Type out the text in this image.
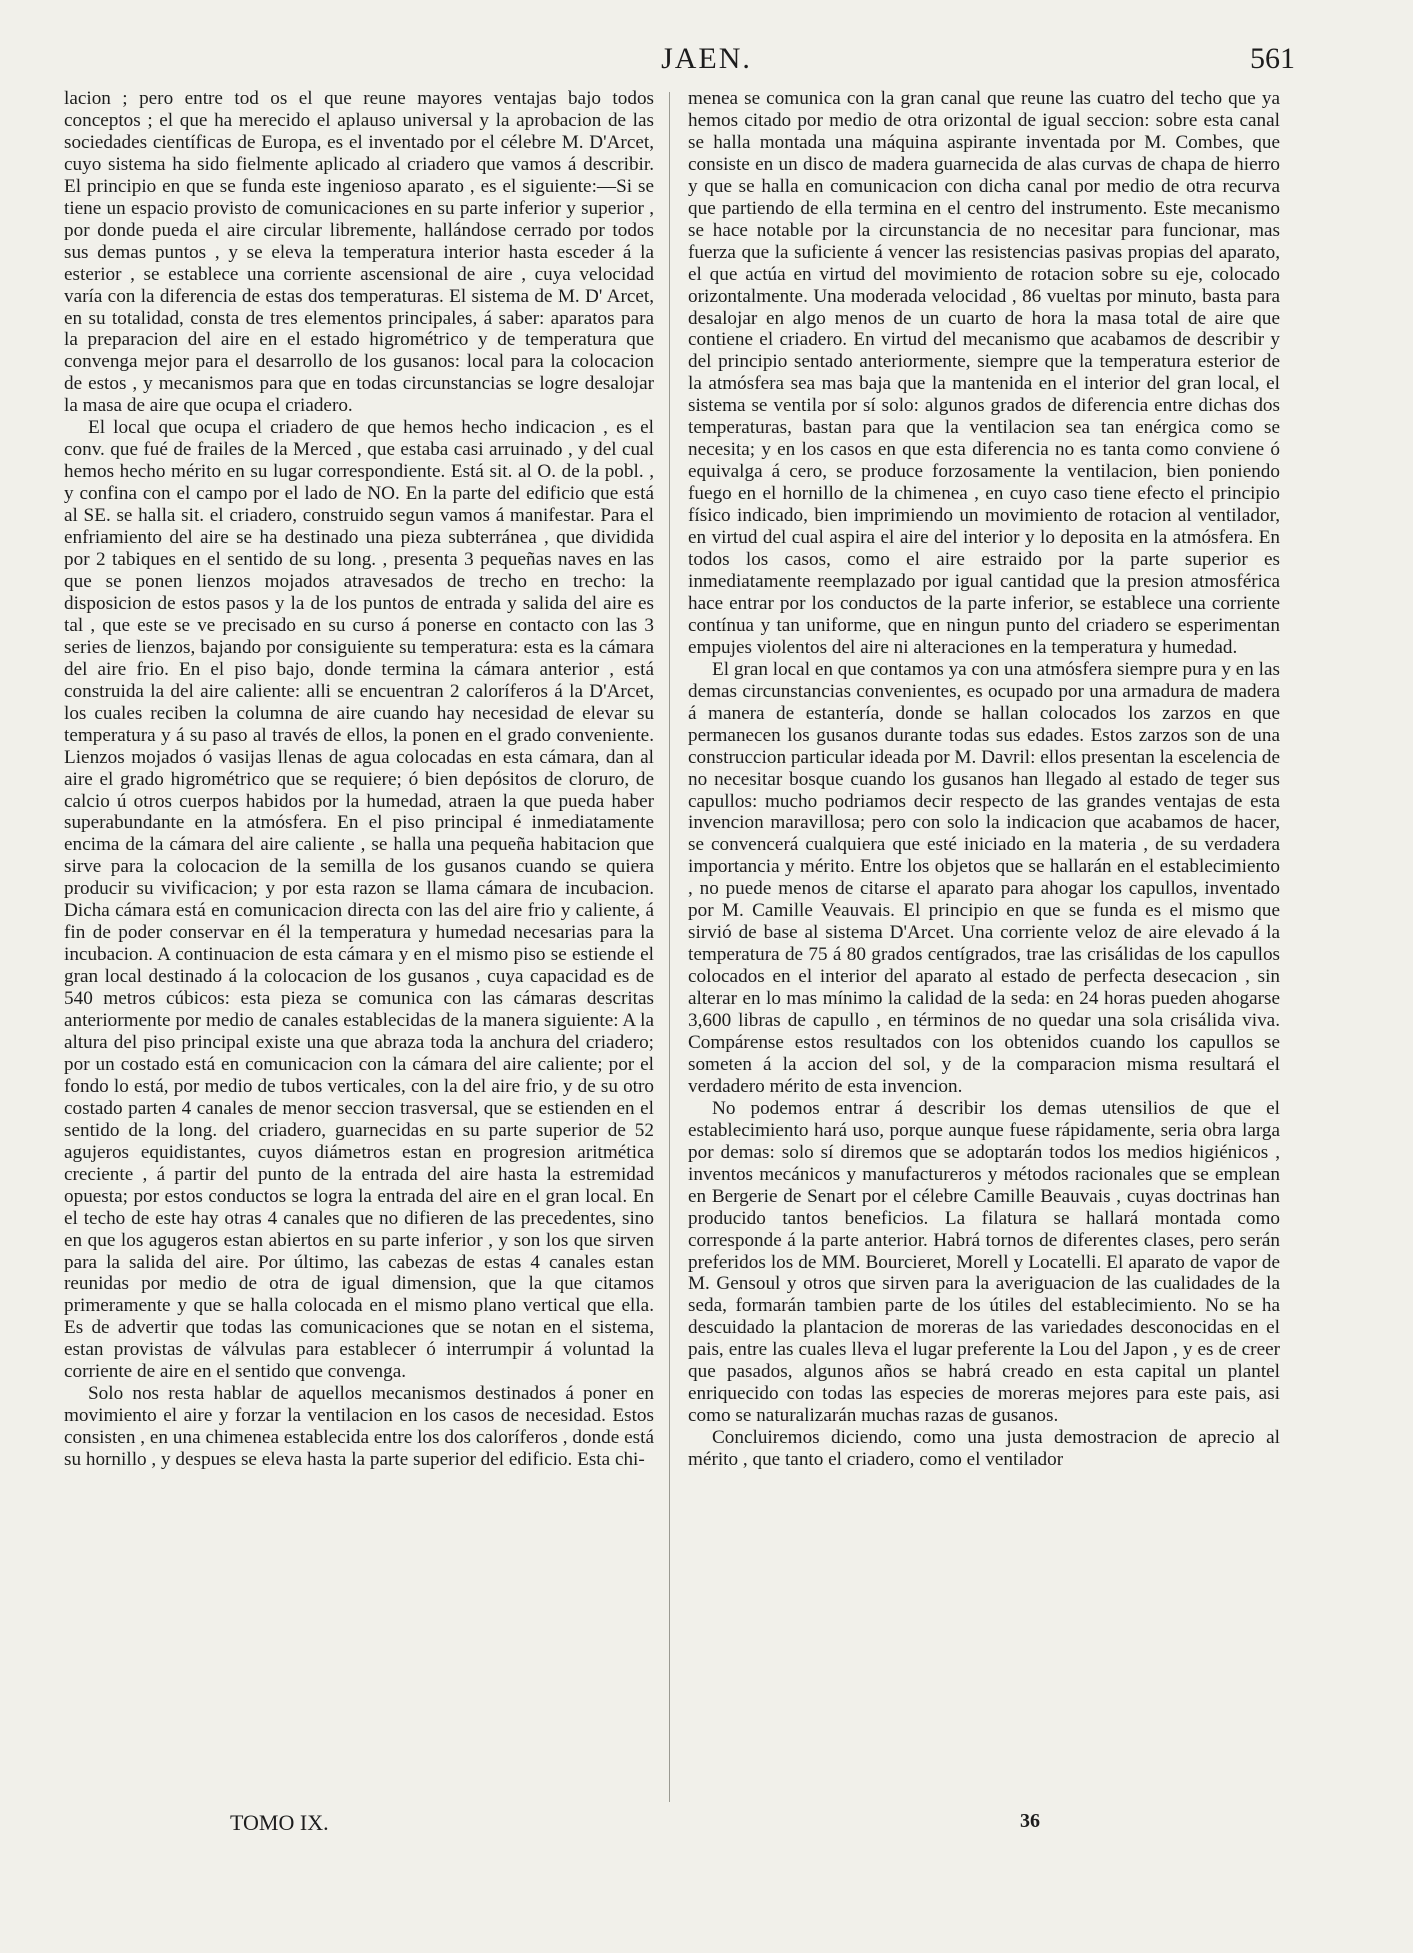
JAEN.	561

lacion ; pero entre tod os el que reune mayores ventajas bajo todos conceptos ; el que ha merecido el aplauso universal y la aprobacion de las sociedades científicas de Europa, es el inventado por el célebre M. D'Arcet, cuyo sistema ha sido fielmente aplicado al criadero que vamos á describir. El principio en que se funda este ingenioso aparato , es el siguiente:—Si se tiene un espacio provisto de comunicaciones en su parte inferior y superior , por donde pueda el aire circular libremente, hallándose cerrado por todos sus demas puntos , y se eleva la temperatura interior hasta esceder á la esterior , se establece una corriente ascensional de aire , cuya velocidad varía con la diferencia de estas dos temperaturas. El sistema de M. D' Arcet, en su totalidad, consta de tres elementos principales, á saber: aparatos para la preparacion del aire en el estado higrométrico y de temperatura que convenga mejor para el desarrollo de los gusanos: local para la colocacion de estos , y mecanismos para que en todas circunstancias se logre desalojar la masa de aire que ocupa el criadero.

El local que ocupa el criadero de que hemos hecho indicacion , es el conv. que fué de frailes de la Merced , que estaba casi arruinado , y del cual hemos hecho mérito en su lugar correspondiente. Está sit. al O. de la pobl. , y confina con el campo por el lado de NO. En la parte del edificio que está al SE. se halla sit. el criadero, construido segun vamos á manifestar. Para el enfriamiento del aire se ha destinado una pieza subterránea , que dividida por 2 tabiques en el sentido de su long. , presenta 3 pequeñas naves en las que se ponen lienzos mojados atravesados de trecho en trecho: la disposicion de estos pasos y la de los puntos de entrada y salida del aire es tal , que este se ve precisado en su curso á ponerse en contacto con las 3 series de lienzos, bajando por consiguiente su temperatura: esta es la cámara del aire frio. En el piso bajo, donde termina la cámara anterior , está construida la del aire caliente: alli se encuentran 2 caloríferos á la D'Arcet, los cuales reciben la columna de aire cuando hay necesidad de elevar su temperatura y á su paso al través de ellos, la ponen en el grado conveniente. Lienzos mojados ó vasijas llenas de agua colocadas en esta cámara, dan al aire el grado higrométrico que se requiere; ó bien depósitos de cloruro, de calcio ú otros cuerpos habidos por la humedad, atraen la que pueda haber superabundante en la atmósfera. En el piso principal é inmediatamente encima de la cámara del aire caliente , se halla una pequeña habitacion que sirve para la colocacion de la semilla de los gusanos cuando se quiera producir su vivificacion; y por esta razon se llama cámara de incubacion. Dicha cámara está en comunicacion directa con las del aire frio y caliente, á fin de poder conservar en él la temperatura y humedad necesarias para la incubacion. A continuacion de esta cámara y en el mismo piso se estiende el gran local destinado á la colocacion de los gusanos , cuya capacidad es de 540 metros cúbicos: esta pieza se comunica con las cámaras descritas anteriormente por medio de canales establecidas de la manera siguiente: A la altura del piso principal existe una que abraza toda la anchura del criadero; por un costado está en comunicacion con la cámara del aire caliente; por el fondo lo está, por medio de tubos verticales, con la del aire frio, y de su otro costado parten 4 canales de menor seccion trasversal, que se estienden en el sentido de la long. del criadero, guarnecidas en su parte superior de 52 agujeros equidistantes, cuyos diámetros estan en progresion aritmética creciente , á partir del punto de la entrada del aire hasta la estremidad opuesta; por estos conductos se logra la entrada del aire en el gran local. En el techo de este hay otras 4 canales que no difieren de las precedentes, sino en que los agugeros estan abiertos en su parte inferior , y son los que sirven para la salida del aire. Por último, las cabezas de estas 4 canales estan reunidas por medio de otra de igual dimension, que la que citamos primeramente y que se halla colocada en el mismo plano vertical que ella. Es de advertir que todas las comunicaciones que se notan en el sistema, estan provistas de válvulas para establecer ó interrumpir á voluntad la corriente de aire en el sentido que convenga.

Solo nos resta hablar de aquellos mecanismos destinados á poner en movimiento el aire y forzar la ventilacion en los casos de necesidad. Estos consisten , en una chimenea establecida entre los dos caloríferos , donde está su hornillo , y despues se eleva hasta la parte superior del edificio. Esta chi-

menea se comunica con la gran canal que reune las cuatro del techo que ya hemos citado por medio de otra orizontal de igual seccion: sobre esta canal se halla montada una máquina aspirante inventada por M. Combes, que consiste en un disco de madera guarnecida de alas curvas de chapa de hierro y que se halla en comunicacion con dicha canal por medio de otra recurva que partiendo de ella termina en el centro del instrumento. Este mecanismo se hace notable por la circunstancia de no necesitar para funcionar, mas fuerza que la suficiente á vencer las resistencias pasivas propias del aparato, el que actúa en virtud del movimiento de rotacion sobre su eje, colocado orizontalmente. Una moderada velocidad , 86 vueltas por minuto, basta para desalojar en algo menos de un cuarto de hora la masa total de aire que contiene el criadero. En virtud del mecanismo que acabamos de describir y del principio sentado anteriormente, siempre que la temperatura esterior de la atmósfera sea mas baja que la mantenida en el interior del gran local, el sistema se ventila por sí solo: algunos grados de diferencia entre dichas dos temperaturas, bastan para que la ventilacion sea tan enérgica como se necesita; y en los casos en que esta diferencia no es tanta como conviene ó equivalga á cero, se produce forzosamente la ventilacion, bien poniendo fuego en el hornillo de la chimenea , en cuyo caso tiene efecto el principio físico indicado, bien imprimiendo un movimiento de rotacion al ventilador, en virtud del cual aspira el aire del interior y lo deposita en la atmósfera. En todos los casos, como el aire estraido por la parte superior es inmediatamente reemplazado por igual cantidad que la presion atmosférica hace entrar por los conductos de la parte inferior, se establece una corriente contínua y tan uniforme, que en ningun punto del criadero se esperimentan empujes violentos del aire ni alteraciones en la temperatura y humedad.

El gran local en que contamos ya con una atmósfera siempre pura y en las demas circunstancias convenientes, es ocupado por una armadura de madera á manera de estantería, donde se hallan colocados los zarzos en que permanecen los gusanos durante todas sus edades. Estos zarzos son de una construccion particular ideada por M. Davril: ellos presentan la escelencia de no necesitar bosque cuando los gusanos han llegado al estado de teger sus capullos: mucho podriamos decir respecto de las grandes ventajas de esta invencion maravillosa; pero con solo la indicacion que acabamos de hacer, se convencerá cualquiera que esté iniciado en la materia , de su verdadera importancia y mérito. Entre los objetos que se hallarán en el establecimiento , no puede menos de citarse el aparato para ahogar los capullos, inventado por M. Camille Veauvais. El principio en que se funda es el mismo que sirvió de base al sistema D'Arcet. Una corriente veloz de aire elevado á la temperatura de 75 á 80 grados centígrados, trae las crisálidas de los capullos colocados en el interior del aparato al estado de perfecta desecacion , sin alterar en lo mas mínimo la calidad de la seda: en 24 horas pueden ahogarse 3,600 libras de capullo , en términos de no quedar una sola crisálida viva. Compárense estos resultados con los obtenidos cuando los capullos se someten á la accion del sol, y de la comparacion misma resultará el verdadero mérito de esta invencion.

No podemos entrar á describir los demas utensilios de que el establecimiento hará uso, porque aunque fuese rápidamente, seria obra larga por demas: solo sí diremos que se adoptarán todos los medios higiénicos , inventos mecánicos y manufactureros y métodos racionales que se emplean en Bergerie de Senart por el célebre Camille Beauvais , cuyas doctrinas han producido tantos beneficios. La filatura se hallará montada como corresponde á la parte anterior. Habrá tornos de diferentes clases, pero serán preferidos los de MM. Bourcieret, Morell y Locatelli. El aparato de vapor de M. Gensoul y otros que sirven para la averiguacion de las cualidades de la seda, formarán tambien parte de los útiles del establecimiento. No se ha descuidado la plantacion de moreras de las variedades desconocidas en el pais, entre las cuales lleva el lugar preferente la Lou del Japon , y es de creer que pasados, algunos años se habrá creado en esta capital un plantel enriquecido con todas las especies de moreras mejores para este pais, asi como se naturalizarán muchas razas de gusanos.

Concluiremos diciendo, como una justa demostracion de aprecio al mérito , que tanto el criadero, como el ventilador

TOMO IX.	36
